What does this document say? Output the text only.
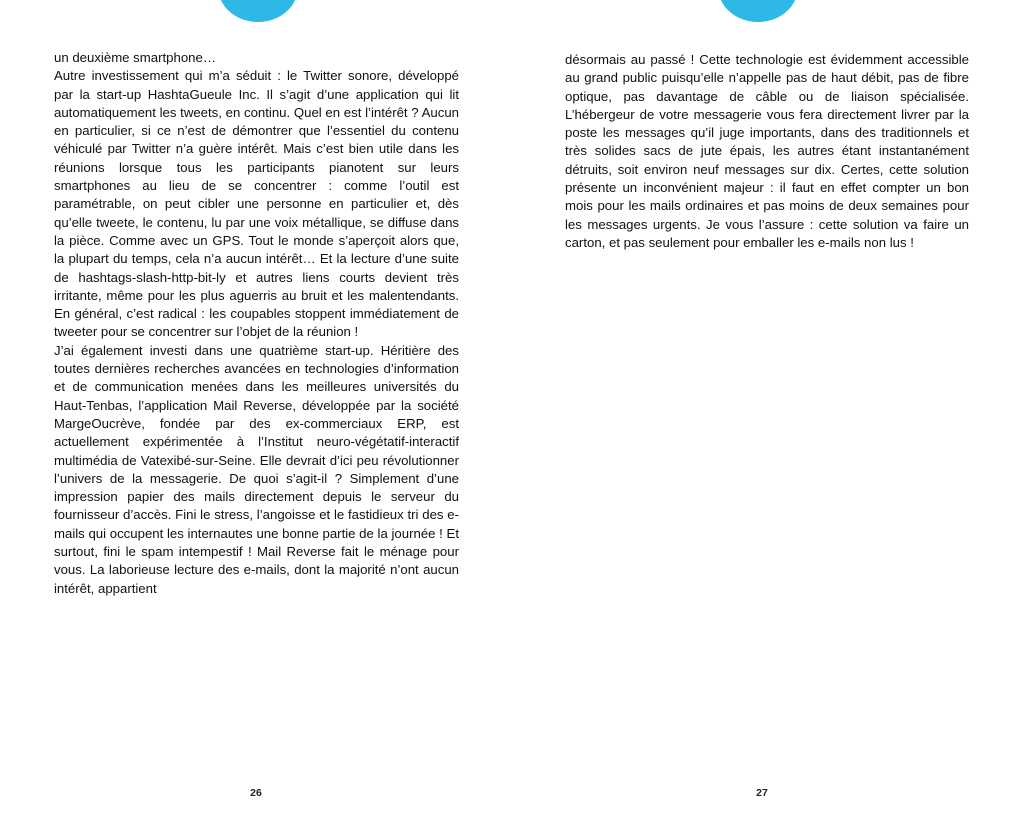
un deuxième smartphone…

Autre investissement qui m’a séduit : le Twitter sonore, développé par la start-up HashtaGueule Inc. Il s’agit d’une application qui lit automatiquement les tweets, en continu. Quel en est l’intérêt ? Aucun en particulier, si ce n’est de démontrer que l’essentiel du contenu véhiculé par Twitter n’a guère intérêt. Mais c’est bien utile dans les réunions lorsque tous les participants pianotent sur leurs smartphones au lieu de se concentrer : comme l’outil est paramétrable, on peut cibler une personne en particulier et, dès qu’elle tweete, le contenu, lu par une voix métallique, se diffuse dans la pièce. Comme avec un GPS. Tout le monde s’aperçoit alors que, la plupart du temps, cela n’a aucun intérêt… Et la lecture d’une suite de hashtags-slash-http-bit-ly et autres liens courts devient très irritante, même pour les plus aguerris au bruit et les malentendants. En général, c’est radical : les coupables stoppent immédiatement de tweeter pour se concentrer sur l’objet de la réunion !

J’ai également investi dans une quatrième start-up. Héritière des toutes dernières recherches avancées en technologies d’information et de communication menées dans les meilleures universités du Haut-Tenbas, l’application Mail Reverse, développée par la société MargeOucrève, fondée par des ex-commerciaux ERP, est actuellement expérimentée à l’Institut neuro-végétatif-interactif multimédia de Vatexibé-sur-Seine. Elle devrait d’ici peu révolutionner l’univers de la messagerie. De quoi s’agit-il ? Simplement d’une impression papier des mails directement depuis le serveur du fournisseur d’accès. Fini le stress, l’angoisse et le fastidieux tri des e-mails qui occupent les internautes une bonne partie de la journée ! Et surtout, fini le spam intempestif ! Mail Reverse fait le ménage pour vous. La laborieuse lecture des e-mails, dont la majorité n’ont aucun intérêt, appartient

26

désormais au passé ! Cette technologie est évidemment accessible au grand public puisqu’elle n’appelle pas de haut débit, pas de fibre optique, pas davantage de câble ou de liaison spécialisée. L’hébergeur de votre messagerie vous fera directement livrer par la poste les messages qu’il juge importants, dans des traditionnels et très solides sacs de jute épais, les autres étant instantanément détruits, soit environ neuf messages sur dix. Certes, cette solution présente un inconvénient majeur : il faut en effet compter un bon mois pour les mails ordinaires et pas moins de deux semaines pour les messages urgents. Je vous l’assure : cette solution va faire un carton, et pas seulement pour emballer les e-mails non lus !

27
